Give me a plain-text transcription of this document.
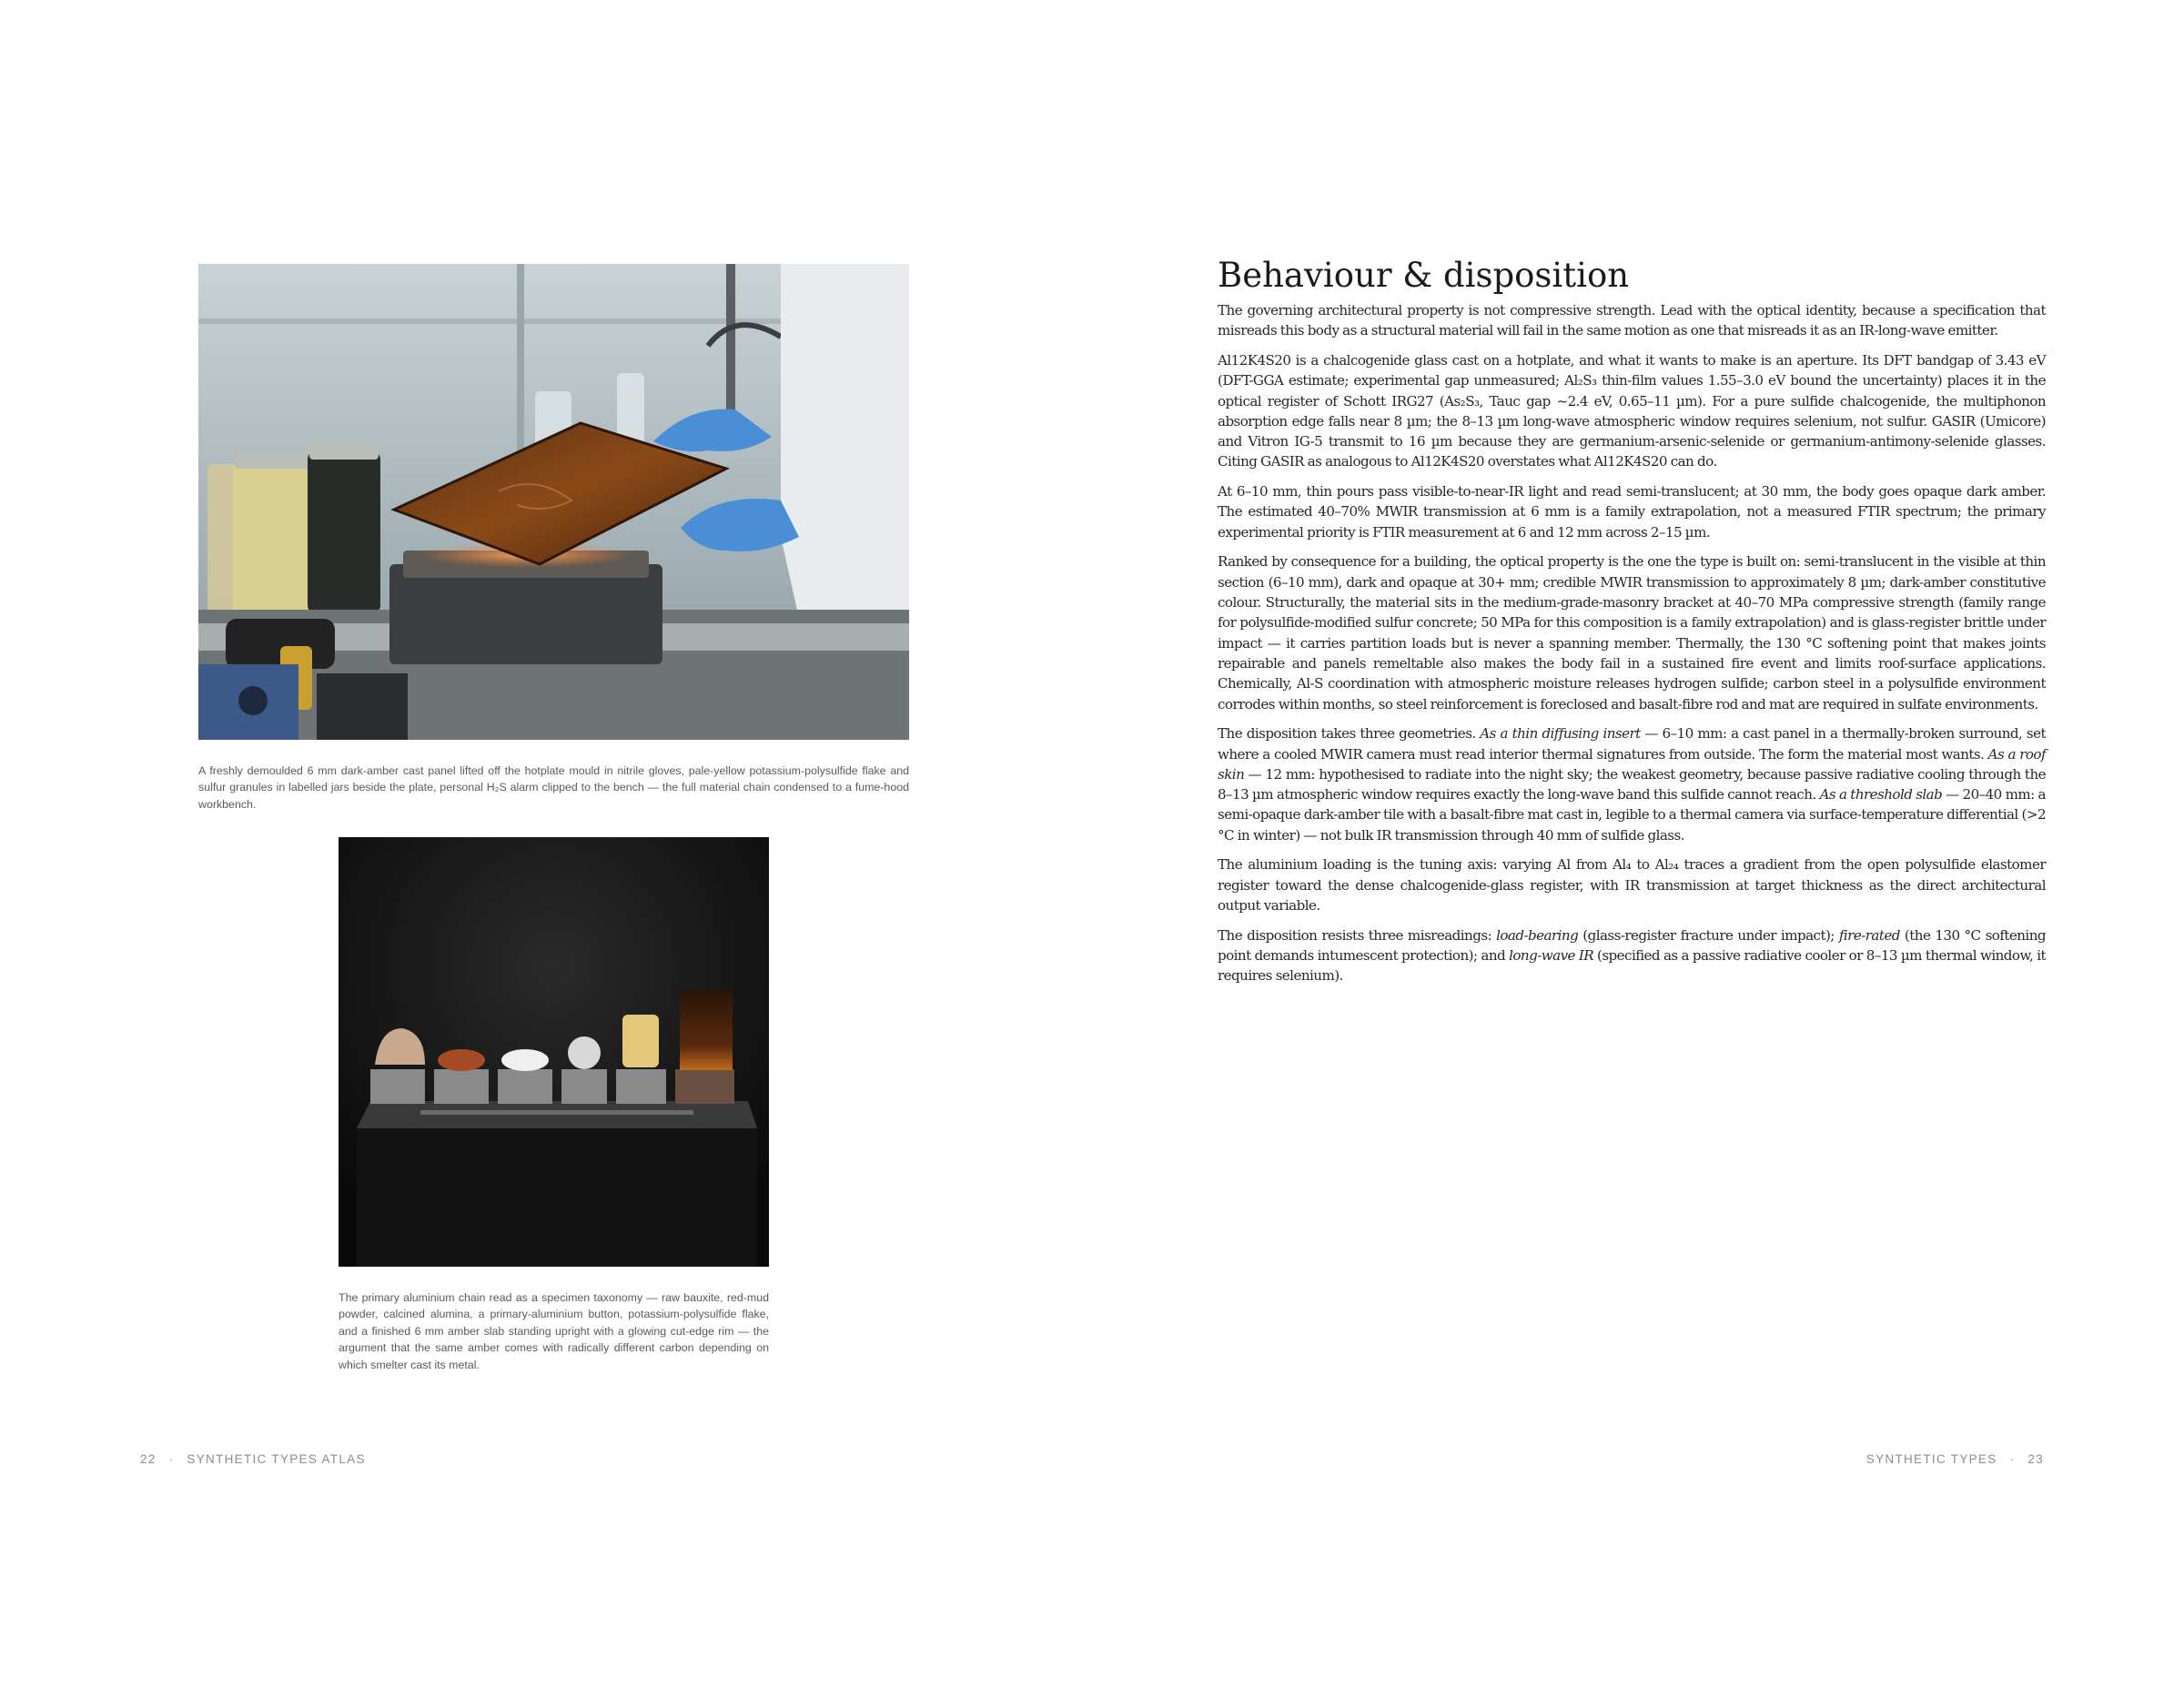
A freshly demoulded 6 mm dark-amber cast panel lifted off the hotplate mould in nitrile gloves, pale-yellow potassium-polysulfide flake and sulfur granules in labelled jars beside the plate, personal H₂S alarm clipped to the bench — the full material chain condensed to a fume-hood workbench.

The primary aluminium chain read as a specimen taxonomy — raw bauxite, red-mud powder, calcined alumina, a primary-aluminium button, potassium-polysulfide flake, and a finished 6 mm amber slab standing upright with a glowing cut-edge rim — the argument that the same amber comes with radically different carbon depending on which smelter cast its metal.

22 · SYNTHETIC TYPES ATLAS
Behaviour & disposition

The governing architectural property is not compressive strength. Lead with the optical identity, because a specification that misreads this body as a structural material will fail in the same motion as one that misreads it as an IR-long-wave emitter.

Al12K4S20 is a chalcogenide glass cast on a hotplate, and what it wants to make is an aperture. Its DFT bandgap of 3.43 eV (DFT-GGA estimate; experimental gap unmeasured; Al₂S₃ thin-film values 1.55–3.0 eV bound the uncertainty) places it in the optical register of Schott IRG27 (As₂S₃, Tauc gap ~2.4 eV, 0.65–11 µm). For a pure sulfide chalcogenide, the multiphonon absorption edge falls near 8 µm; the 8–13 µm long-wave atmospheric window requires selenium, not sulfur. GASIR (Umicore) and Vitron IG-5 transmit to 16 µm because they are germanium-arsenic-selenide or germanium-antimony-selenide glasses. Citing GASIR as analogous to Al12K4S20 overstates what Al12K4S20 can do.

At 6–10 mm, thin pours pass visible-to-near-IR light and read semi-translucent; at 30 mm, the body goes opaque dark amber. The estimated 40–70% MWIR transmission at 6 mm is a family extrapolation, not a measured FTIR spectrum; the primary experimental priority is FTIR measurement at 6 and 12 mm across 2–15 µm.

Ranked by consequence for a building, the optical property is the one the type is built on: semi-translucent in the visible at thin section (6–10 mm), dark and opaque at 30+ mm; credible MWIR transmission to approximately 8 µm; dark-amber constitutive colour. Structurally, the material sits in the medium-grade-masonry bracket at 40–70 MPa compressive strength (family range for polysulfide-modified sulfur concrete; 50 MPa for this composition is a family extrapolation) and is glass-register brittle under impact — it carries partition loads but is never a spanning member. Thermally, the 130 °C softening point that makes joints repairable and panels remeltable also makes the body fail in a sustained fire event and limits roof-surface applications. Chemically, Al-S coordination with atmospheric moisture releases hydrogen sulfide; carbon steel in a polysulfide environment corrodes within months, so steel reinforcement is foreclosed and basalt-fibre rod and mat are required in sulfate environments.

The disposition takes three geometries. As a thin diffusing insert — 6–10 mm: a cast panel in a thermally-broken surround, set where a cooled MWIR camera must read interior thermal signatures from outside. The form the material most wants. As a roof skin — 12 mm: hypothesised to radiate into the night sky; the weakest geometry, because passive radiative cooling through the 8–13 µm atmospheric window requires exactly the long-wave band this sulfide cannot reach. As a threshold slab — 20–40 mm: a semi-opaque dark-amber tile with a basalt-fibre mat cast in, legible to a thermal camera via surface-temperature differential (>2 °C in winter) — not bulk IR transmission through 40 mm of sulfide glass.

The aluminium loading is the tuning axis: varying Al from Al₄ to Al₂₄ traces a gradient from the open polysulfide elastomer register toward the dense chalcogenide-glass register, with IR transmission at target thickness as the direct architectural output variable.

The disposition resists three misreadings: load-bearing (glass-register fracture under impact); fire-rated (the 130 °C softening point demands intumescent protection); and long-wave IR (specified as a passive radiative cooler or 8–13 µm thermal window, it requires selenium).

SYNTHETIC TYPES · 23
